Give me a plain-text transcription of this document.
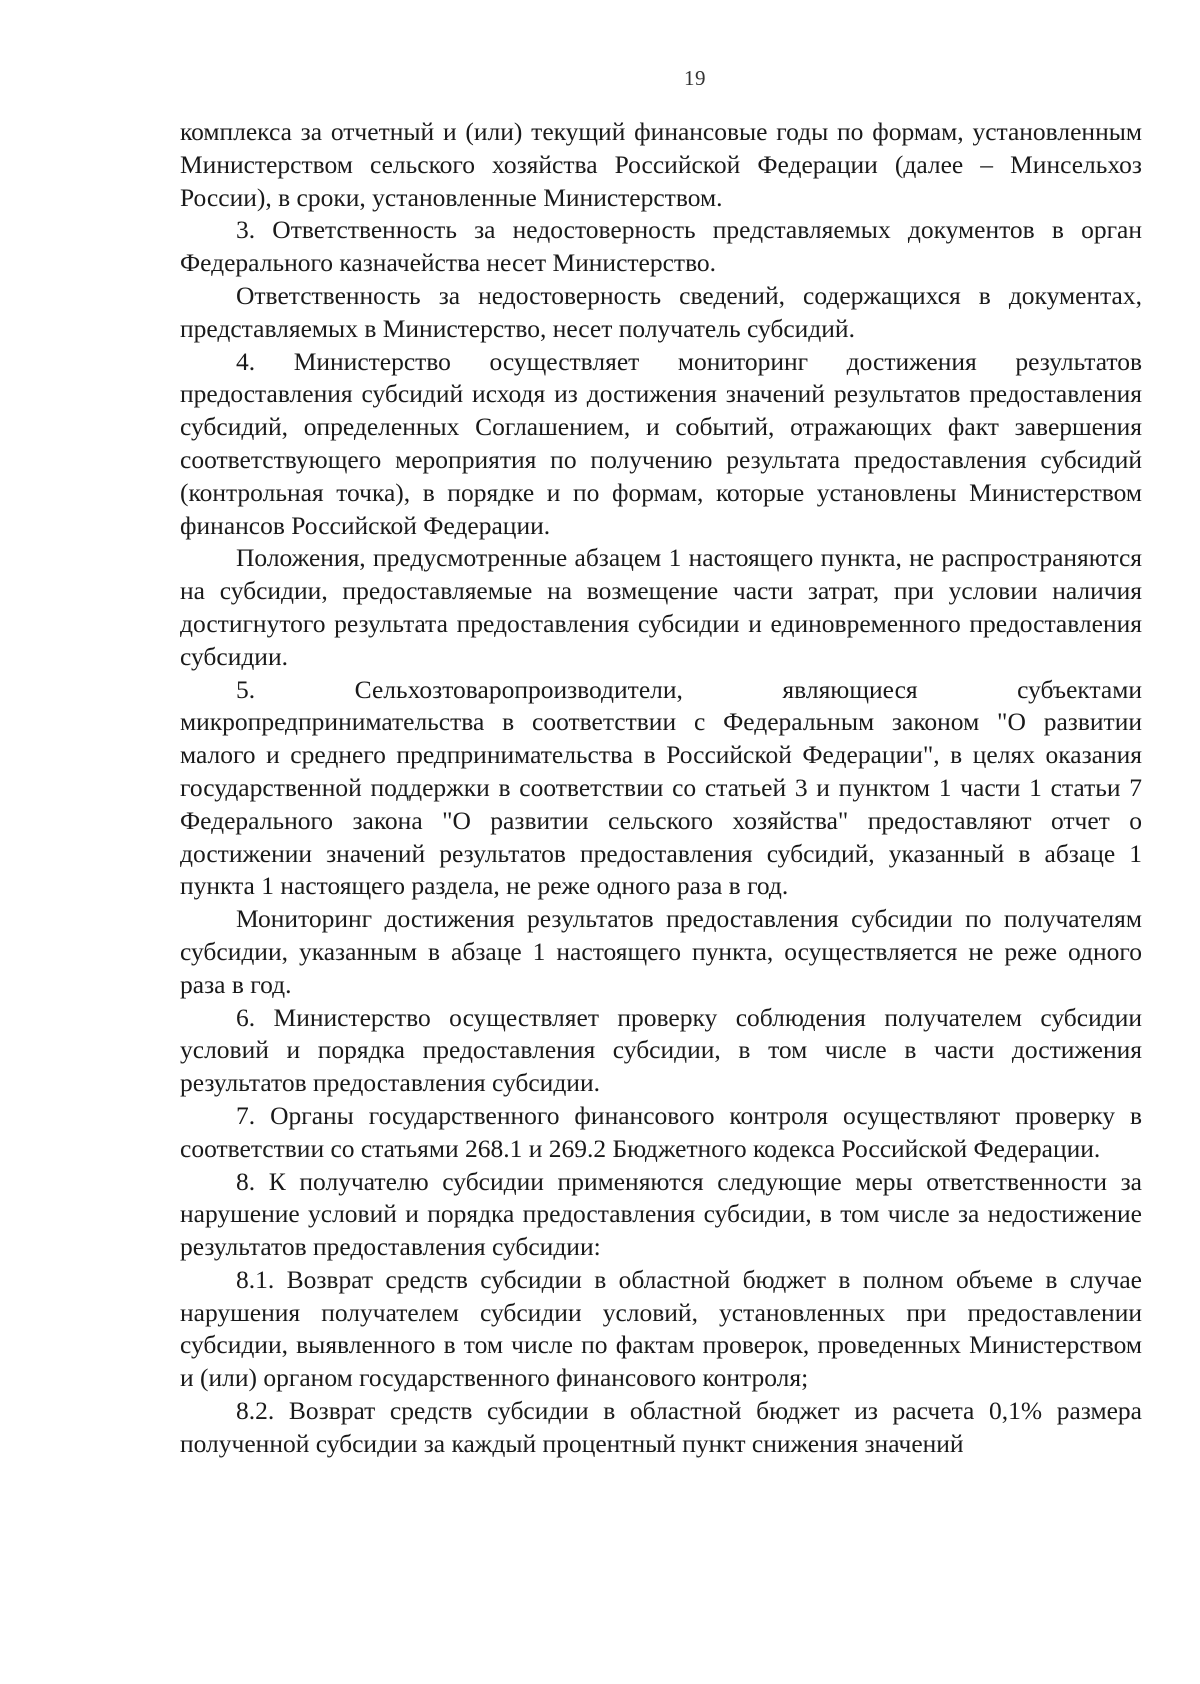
19

комплекса за отчетный и (или) текущий финансовые годы по формам, установленным Министерством сельского хозяйства Российской Федерации (далее – Минсельхоз России), в сроки, установленные Министерством.

3. Ответственность за недостоверность представляемых документов в орган Федерального казначейства несет Министерство.

Ответственность за недостоверность сведений, содержащихся в документах, представляемых в Министерство, несет получатель субсидий.

4. Министерство осуществляет мониторинг достижения результатов предоставления субсидий исходя из достижения значений результатов предоставления субсидий, определенных Соглашением, и событий, отражающих факт завершения соответствующего мероприятия по получению результата предоставления субсидий (контрольная точка), в порядке и по формам, которые установлены Министерством финансов Российской Федерации.

Положения, предусмотренные абзацем 1 настоящего пункта, не распространяются на субсидии, предоставляемые на возмещение части затрат, при условии наличия достигнутого результата предоставления субсидии и единовременного предоставления субсидии.

5. Сельхозтоваропроизводители, являющиеся субъектами микропредпринимательства в соответствии с Федеральным законом "О развитии малого и среднего предпринимательства в Российской Федерации", в целях оказания государственной поддержки в соответствии со статьей 3 и пунктом 1 части 1 статьи 7 Федерального закона "О развитии сельского хозяйства" предоставляют отчет о достижении значений результатов предоставления субсидий, указанный в абзаце 1 пункта 1 настоящего раздела, не реже одного раза в год.

Мониторинг достижения результатов предоставления субсидии по получателям субсидии, указанным в абзаце 1 настоящего пункта, осуществляется не реже одного раза в год.

6. Министерство осуществляет проверку соблюдения получателем субсидии условий и порядка предоставления субсидии, в том числе в части достижения результатов предоставления субсидии.

7. Органы государственного финансового контроля осуществляют проверку в соответствии со статьями 268.1 и 269.2 Бюджетного кодекса Российской Федерации.

8. К получателю субсидии применяются следующие меры ответственности за нарушение условий и порядка предоставления субсидии, в том числе за недостижение результатов предоставления субсидии:

8.1. Возврат средств субсидии в областной бюджет в полном объеме в случае нарушения получателем субсидии условий, установленных при предоставлении субсидии, выявленного в том числе по фактам проверок, проведенных Министерством и (или) органом государственного финансового контроля;

8.2. Возврат средств субсидии в областной бюджет из расчета 0,1% размера полученной субсидии за каждый процентный пункт снижения значений
